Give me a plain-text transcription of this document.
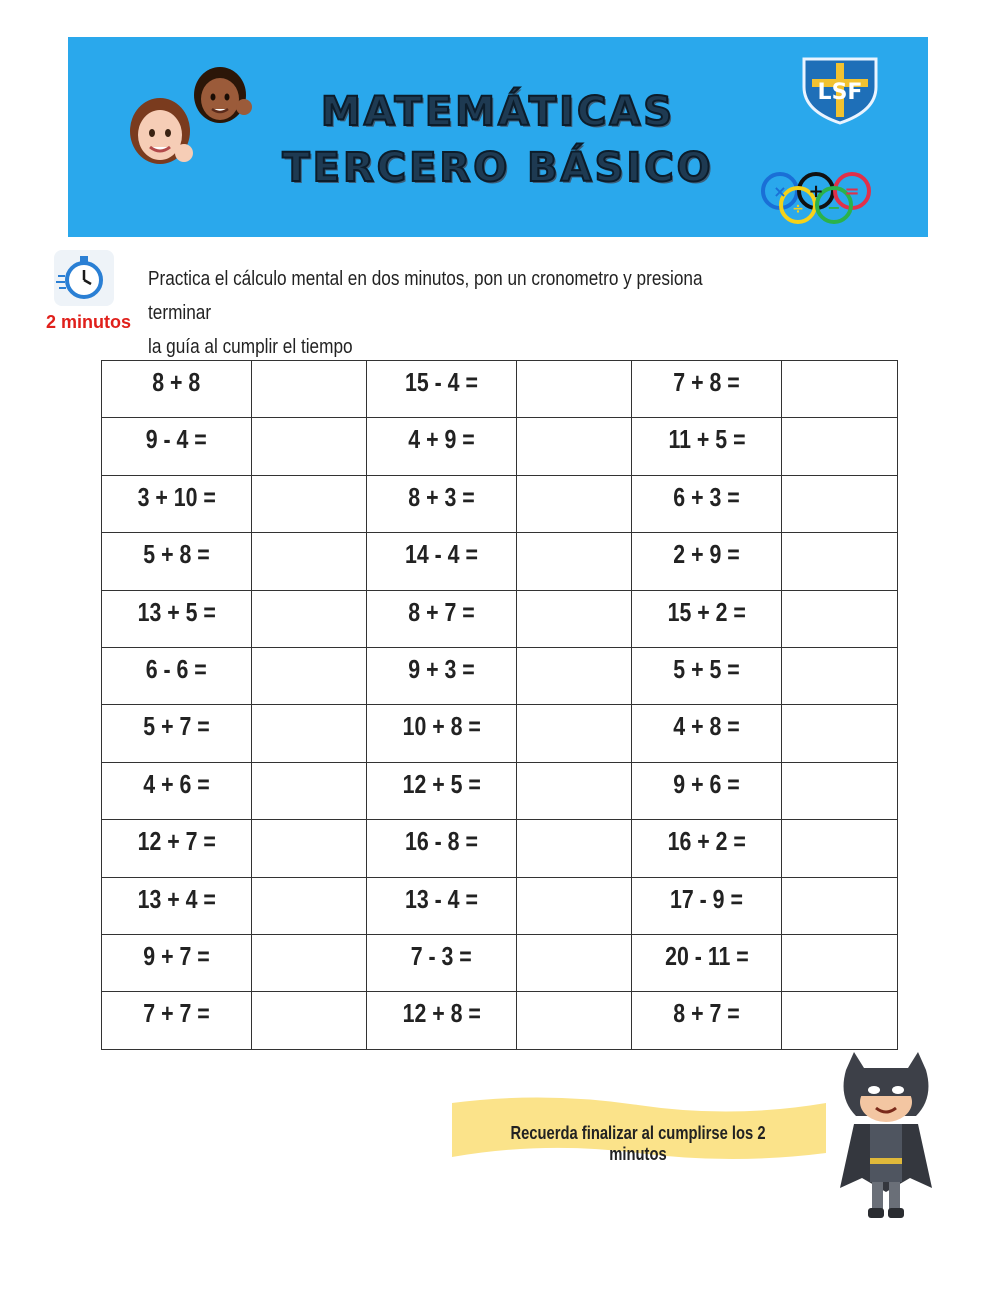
MATEMÁTICAS
TERCERO BÁSICO
LSF
× + =
÷ −
2 minutos
Practica el cálculo mental en dos minutos, pon un cronometro y presiona terminar
la guía al cumplir el tiempo
8 + 8		15 - 4 =		7 + 8 =	
9 - 4 =		4 + 9 =		11 + 5 =	
3 + 10 =		8 + 3 =		6 + 3 =	
5 + 8 =		14 - 4 =		2 + 9 =	
13 + 5 =		8 + 7 =		15 + 2 =	
6 - 6 =		9 + 3 =		5 + 5 =	
5 + 7 =		10 + 8 =		4 + 8 =	
4 + 6 =		12 + 5 =		9 + 6 =	
12 + 7 =		16 - 8 =		16 + 2 =	
13 + 4 =		13 - 4 =		17 - 9 =	
9 + 7 =		7 - 3 =		20 - 11 =	
7 + 7 =		12 + 8 =		8 + 7 =	
Recuerda finalizar al cumplirse los 2 minutos
